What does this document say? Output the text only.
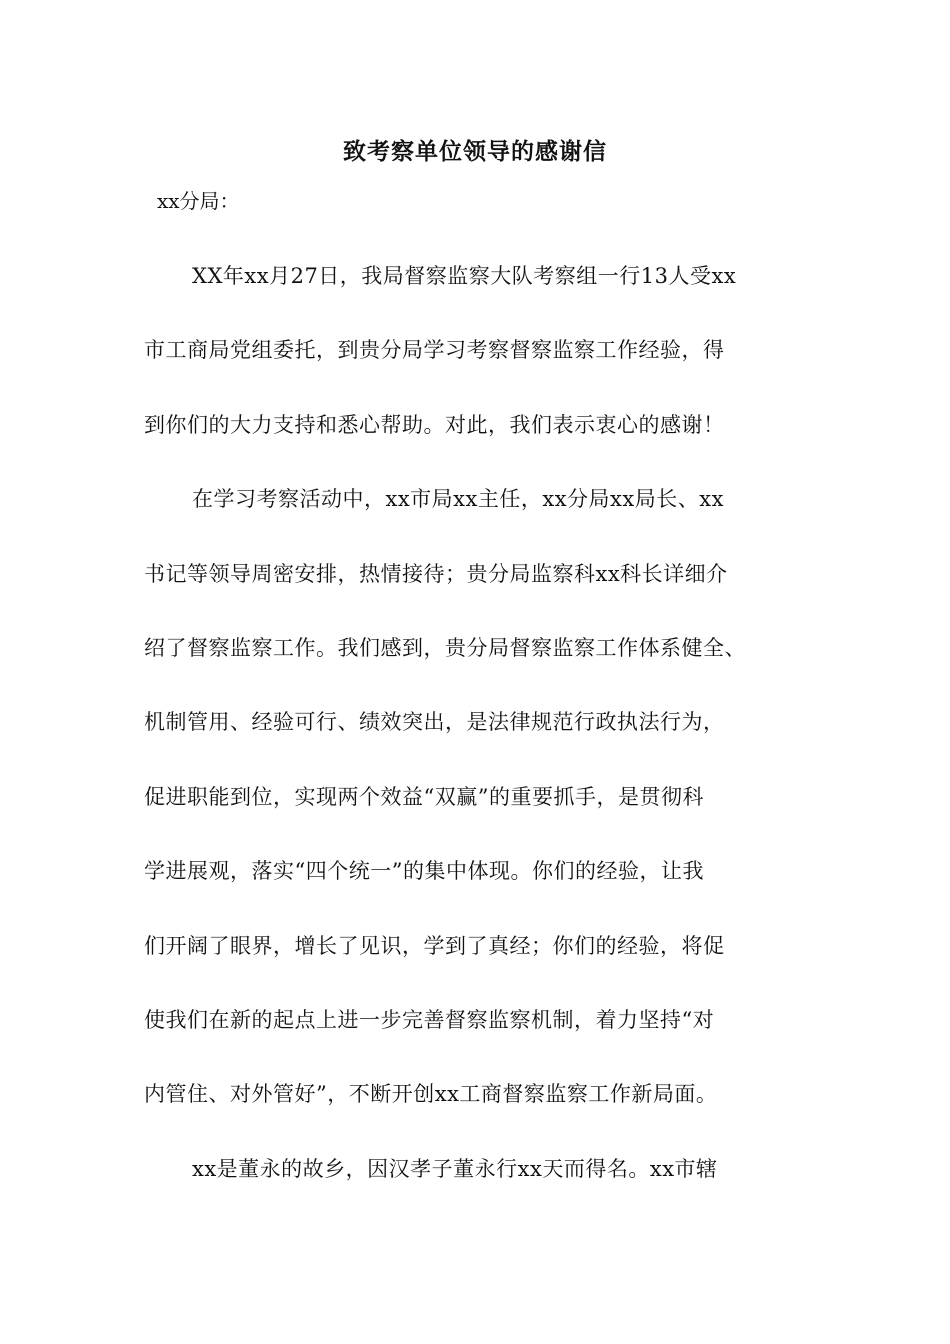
致考察单位领导的感谢信
xx分局：
XX年xx月27日，我局督察监察大队考察组一行13人受xx
市工商局党组委托，到贵分局学习考察督察监察工作经验，得
到你们的大力支持和悉心帮助。对此，我们表示衷心的感谢！
在学习考察活动中，xx市局xx主任，xx分局xx局长、xx
书记等领导周密安排，热情接待；贵分局监察科xx科长详细介
绍了督察监察工作。我们感到，贵分局督察监察工作体系健全、
机制管用、经验可行、绩效突出，是法律规范行政执法行为，
促进职能到位，实现两个效益“双赢”的重要抓手，是贯彻科
学进展观，落实“四个统一”的集中体现。你们的经验，让我
们开阔了眼界，增长了见识，学到了真经；你们的经验，将促
使我们在新的起点上进一步完善督察监察机制，着力坚持“对
内管住、对外管好”，不断开创xx工商督察监察工作新局面。
xx是董永的故乡，因汉孝子董永行xx天而得名。xx市辖
